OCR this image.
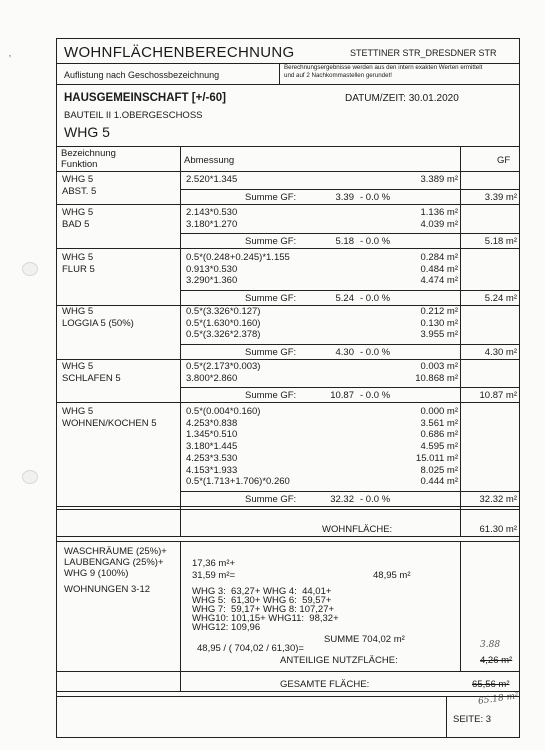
ʼ	WOHNFLÄCHENBERECHNUNG	STETTINER STR_DRESDNER STR
Auflistung nach Geschossbezeichnung
Berechnungsergebnisse werden aus den intern exakten Werten ermittelt
und auf 2 Nachkommastellen gerundet!
HAUSGEMEINSCHAFT [+/-60]	DATUM/ZEIT: 30.01.2020
BAUTEIL II 1.OBERGESCHOSS
WHG 5
Bezeichnung
Funktion	Abmessung	GF
WHG 5
ABST. 5
2.520*1.345	3.389 m²
Summe GF:	3.39 - 0.0 %	3.39 m²
WHG 5
BAD 5
2.143*0.530	1.136 m²
3.180*1.270	4.039 m²
Summe GF:	5.18 - 0.0 %	5.18 m²
WHG 5
FLUR 5
0.5*(0.248+0.245)*1.155	0.284 m²
0.913*0.530	0.484 m²
3.290*1.360	4.474 m²
Summe GF:	5.24 - 0.0 %	5.24 m²
WHG 5
LOGGIA 5 (50%)
0.5*(3.326*0.127)	0.212 m²
0.5*(1.630*0.160)	0.130 m²
0.5*(3.326*2.378)	3.955 m²
Summe GF:	4.30 - 0.0 %	4.30 m²
WHG 5
SCHLAFEN 5
0.5*(2.173*0.003)	0.003 m²
3.800*2.860	10.868 m²
Summe GF:	10.87 - 0.0 %	10.87 m²
WHG 5
WOHNEN/KOCHEN 5
0.5*(0.004*0.160)	0.000 m²
4.253*0.838	3.561 m²
1.345*0.510	0.686 m²
3.180*1.445	4.595 m²
4.253*3.530	15.011 m²
4.153*1.933	8.025 m²
0.5*(1.713+1.706)*0.260	0.444 m²
Summe GF:	32.32 - 0.0 %	32.32 m²
WOHNFLÄCHE:	61.30 m²
WASCHRÄUME (25%)+
LAUBENGANG (25%)+
WHG 9 (100%)
WOHNUNGEN 3-12
17,36 m²+
31,59 m²=	48,95 m²
WHG 3:  63,27+ WHG 4:  44,01+
WHG 5:  61,30+ WHG 6:  59,57+
WHG 7:  59,17+ WHG 8: 107,27+
WHG10: 101,15+ WHG11:  98,32+
WHG12: 109,96
SUMME 704,02 m²
48,95 / ( 704,02 / 61,30)=
ANTEILIGE NUTZFLÄCHE:	4,26 m²
3.88
GESAMTE FLÄCHE:	65,56 m²
65.18 m²
SEITE: 3
